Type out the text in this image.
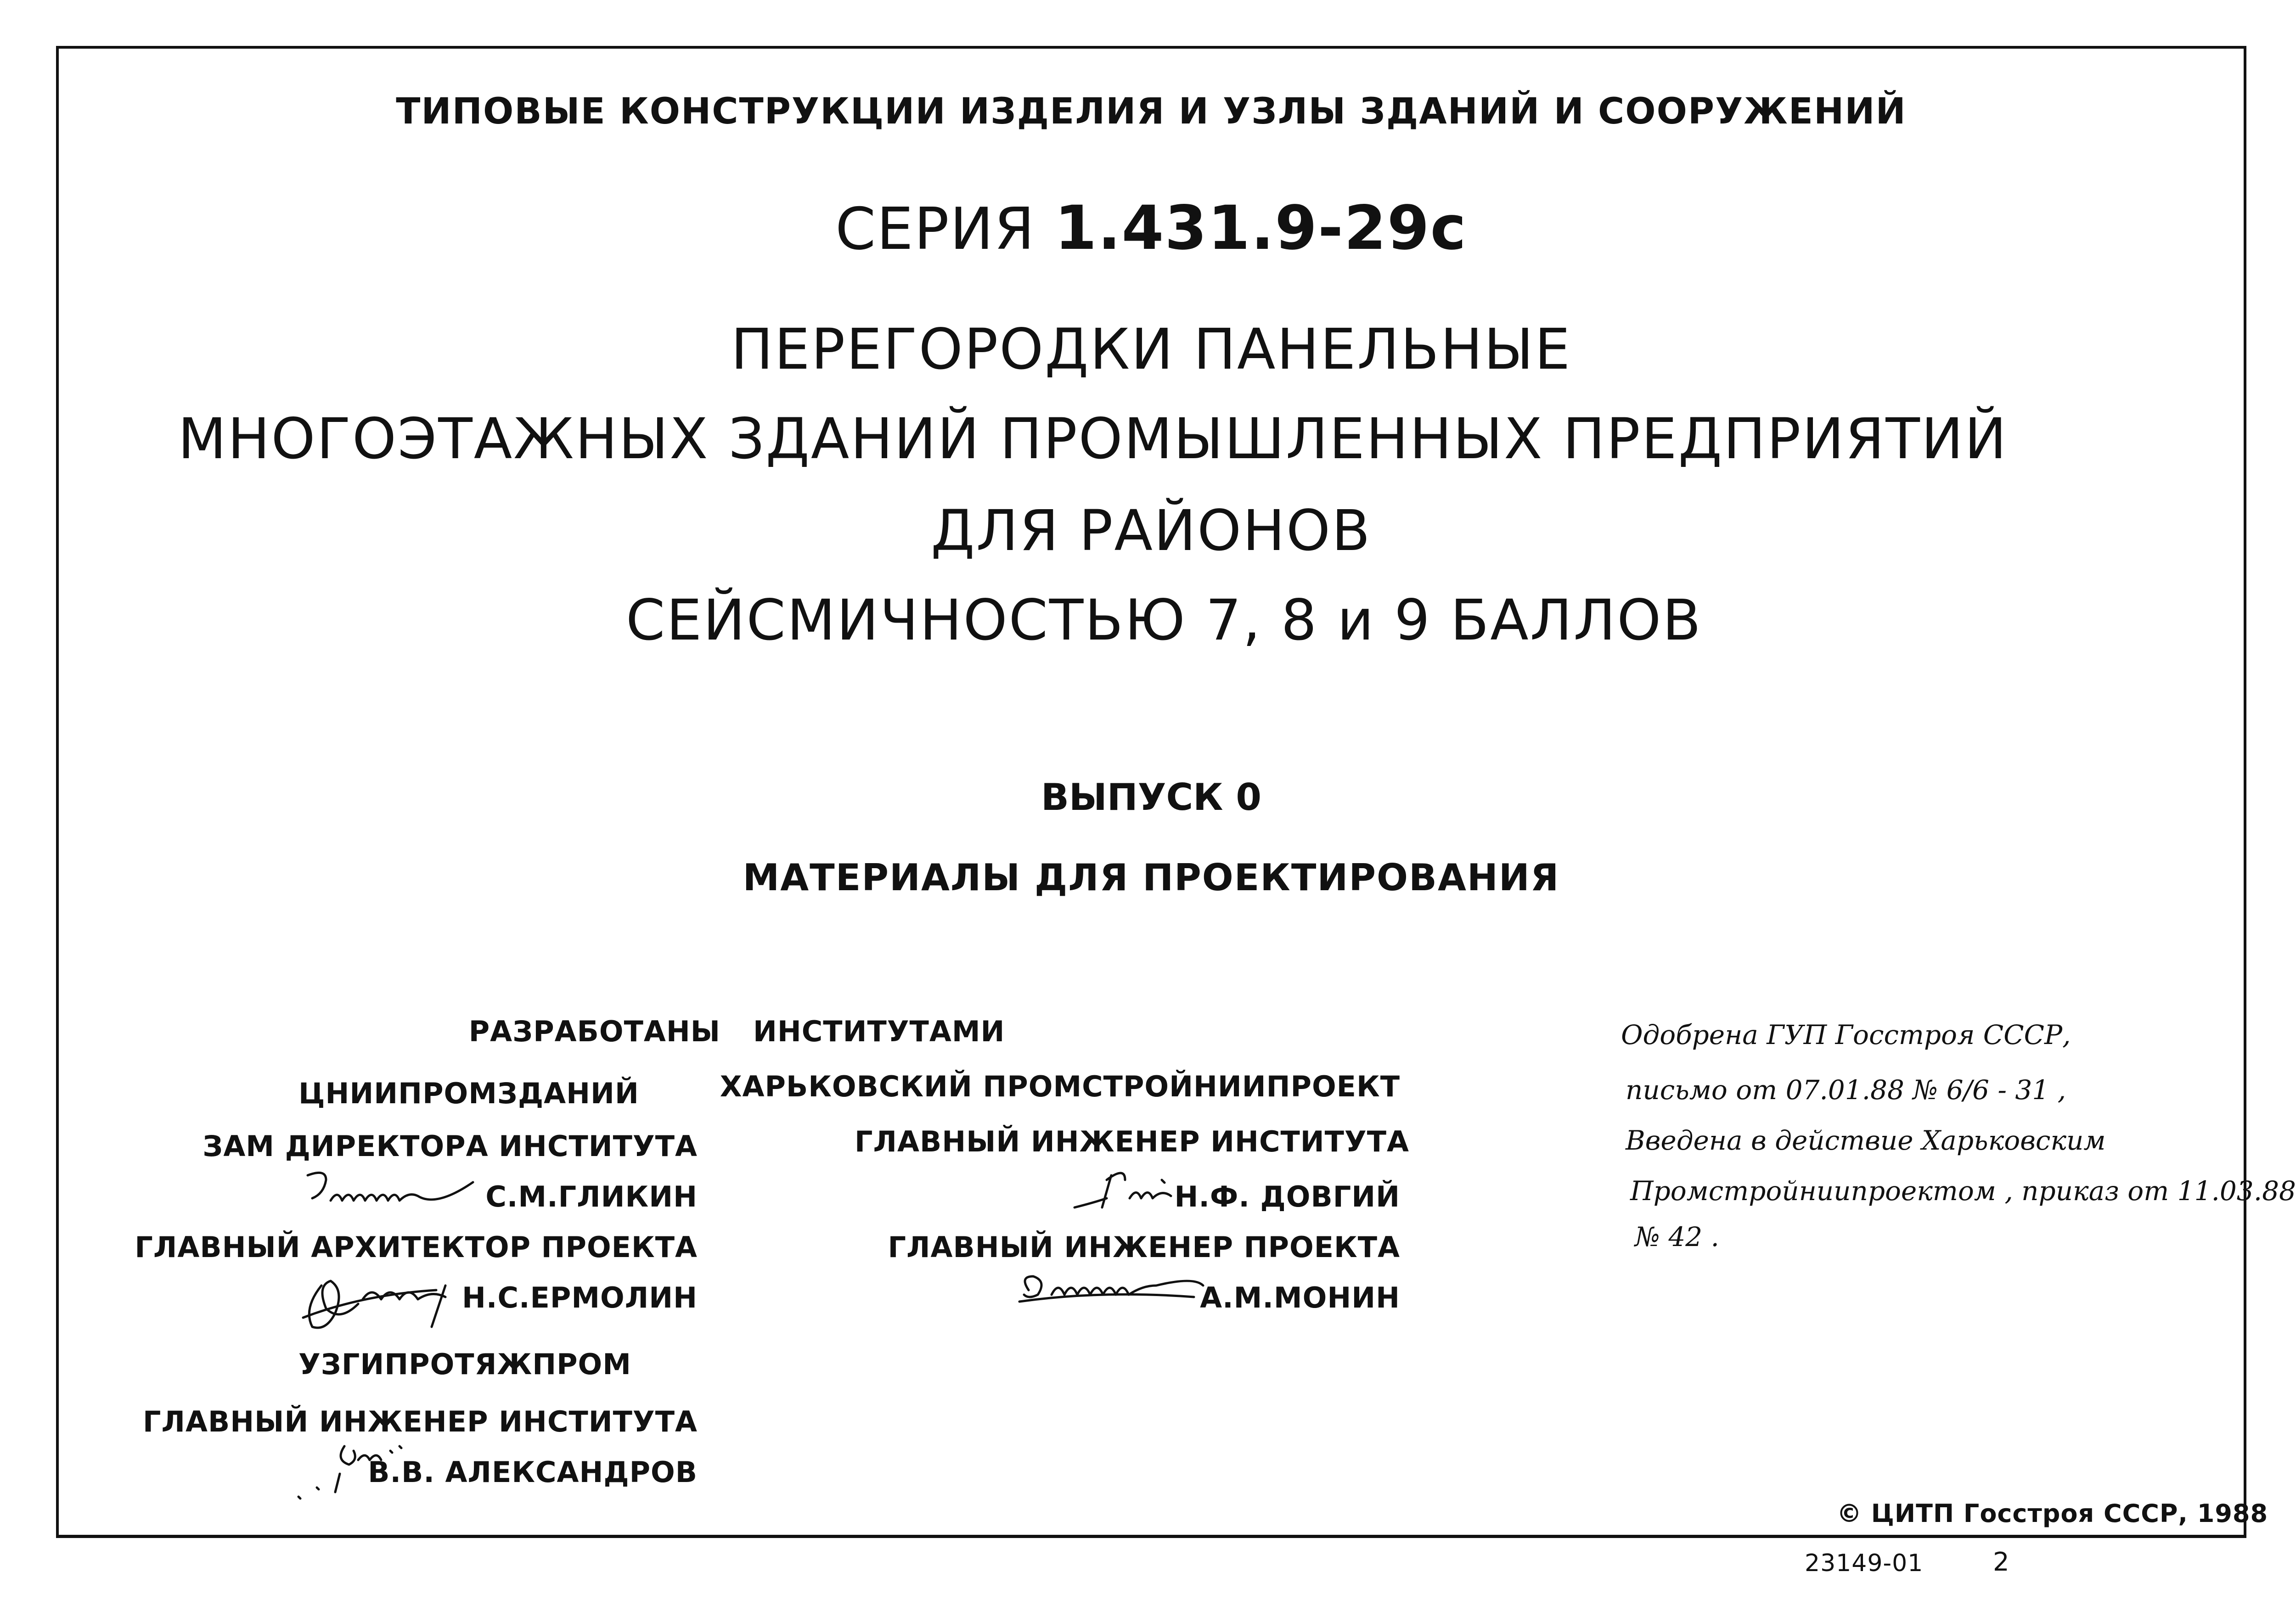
ТИПОВЫЕ КОНСТРУКЦИИ ИЗДЕЛИЯ И УЗЛЫ ЗДАНИЙ И СООРУЖЕНИЙ
СЕРИЯ 1.431.9-29с
ПЕРЕГОРОДКИ ПАНЕЛЬНЫЕ
МНОГОЭТАЖНЫХ ЗДАНИЙ ПРОМЫШЛЕННЫХ ПРЕДПРИЯТИЙ
ДЛЯ РАЙОНОВ
СЕЙСМИЧНОСТЬЮ 7, 8 и 9 БАЛЛОВ
ВЫПУСК 0
МАТЕРИАЛЫ ДЛЯ ПРОЕКТИРОВАНИЯ
РАЗРАБОТАНЫ ИНСТИТУТАМИ
ЦНИИПРОМЗДАНИЙ
ЗАМ ДИРЕКТОРА ИНСТИТУТА
С.М.ГЛИКИН
ГЛАВНЫЙ АРХИТЕКТОР ПРОЕКТА
Н.С.ЕРМОЛИН
УЗГИПРОТЯЖПРОМ
ГЛАВНЫЙ ИНЖЕНЕР ИНСТИТУТА
В.В. АЛЕКСАНДРОВ
ХАРЬКОВСКИЙ ПРОМСТРОЙНИИПРОЕКТ
ГЛАВНЫЙ ИНЖЕНЕР ИНСТИТУТА
Н.Ф. ДОВГИЙ
ГЛАВНЫЙ ИНЖЕНЕР ПРОЕКТА
А.М.МОНИН
Одобрена ГУП Госстроя СССР,
письмо от 07.01.88 № 6/6 - 31 ,
Введена в действие Харьковским
Промстройниипроектом , приказ от 11.03.88
№ 42 .
© ЦИТП Госстроя СССР, 1988
23149-01	2
